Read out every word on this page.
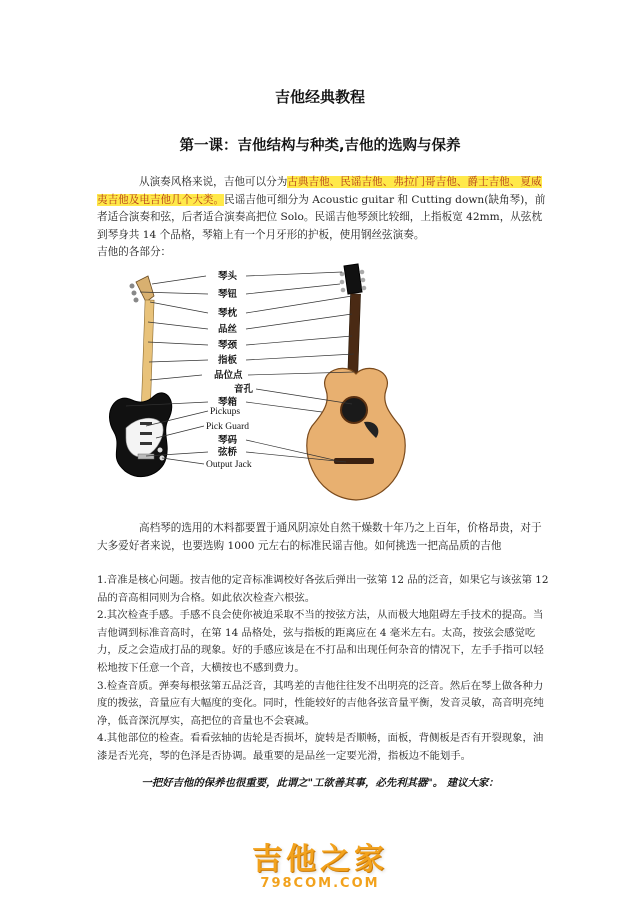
吉他经典教程
第一课：吉他结构与种类,吉他的选购与保养

从演奏风格来说，吉他可以分为古典吉他、民谣吉他、弗拉门哥吉他、爵士吉他、夏威夷吉他及电吉他几个大类。民谣吉他可细分为 Acoustic guitar 和 Cutting down(缺角琴)，前者适合演奏和弦，后者适合演奏高把位 Solo。民谣吉他琴颈比较细，上指板宽 42mm，从弦枕到琴身共 14 个品格，琴箱上有一个月牙形的护板，使用钢丝弦演奏。

吉他的各部分：

琴头
琴钮
琴枕
品丝
琴颈
指板
品位点
音孔
琴箱
Pickups
Pick Guard
琴码
弦桥
Output Jack

高档琴的选用的木料都要置于通风阴凉处自然干燥数十年乃之上百年，价格昂贵，对于大多爱好者来说，也要选购 1000 元左右的标准民谣吉他。如何挑选一把高品质的吉他

1.音准是核心问题。按吉他的定音标准调校好各弦后弹出一弦第 12 品的泛音，如果它与该弦第 12 品的音高相同则为合格。如此依次检查六根弦。

2.其次检查手感。手感不良会使你被迫采取不当的按弦方法，从而极大地阻碍左手技术的提高。当吉他调到标准音高时，在第 14 品格处，弦与指板的距离应在 4 毫米左右。太高，按弦会感觉吃力，反之会造成打品的现象。好的手感应该是在不打品和出现任何杂音的情况下，左手手指可以轻松地按下任意一个音，大横按也不感到费力。

3.检查音质。弹奏每根弦第五品泛音，其鸣差的吉他往往发不出明亮的泛音。然后在琴上做各种力度的拨弦，音量应有大幅度的变化。同时，性能较好的吉他各弦音量平衡，发音灵敏，高音明亮纯净，低音深沉厚实，高把位的音量也不会衰减。

4.其他部位的检查。看看弦轴的齿轮是否损坏，旋转是否顺畅，面板，背侧板是否有开裂现象，油漆是否光亮，琴的色泽是否协调。最重要的是品丝一定要光滑，指板边不能划手。

一把好吉他的保养也很重要，此谓之"工欲善其事，必先利其器"。 建议大家：
吉他之家
798COM.COM
